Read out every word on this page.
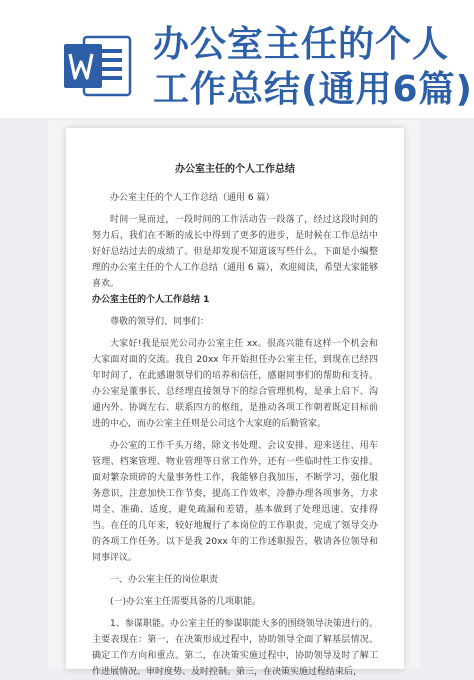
办公室主任的个人
工作总结(通用6篇)
办公室主任的个人工作总结

办公室主任的个人工作总结（通用 6 篇）

时间一晃而过，一段时间的工作活动告一段落了，经过这段时间的努力后，我们在不断的成长中得到了更多的进步，是时候在工作总结中好好总结过去的成绩了。但是却发现不知道该写些什么，下面是小编整理的办公室主任的个人工作总结（通用 6 篇），欢迎阅读，希望大家能够喜欢。

办公室主任的个人工作总结 1

尊敬的领导们、同事们：

大家好!我是辰光公司办公室主任 xx。很高兴能有这样一个机会和大家面对面的交流。我自 20xx 年开始担任办公室主任，到现在已经四年时间了，在此感谢领导们的培养和信任，感谢同事们的帮助和支持。办公室是董事长、总经理直接领导下的综合管理机构，是承上启下、沟通内外、协调左右、联系四方的枢纽，是推动各项工作朝着既定目标前进的中心，而办公室主任则是公司这个大家庭的后勤管家。

办公室的工作千头万绪，除文书处理、会议安排、迎来送往、用车管理、档案管理、物业管理等日常工作外，还有一些临时性工作安排。面对繁杂琐碎的大量事务性工作，我能够自我加压，不断学习，强化服务意识，注意加快工作节奏，提高工作效率，冷静办理各项事务，力求周全、准确、适度，避免疏漏和差错，基本做到了处理迅速、安排得当。在任的几年来，较好地履行了本岗位的工作职责，完成了领导交办的各项工作任务。以下是我 20xx 年的工作述职报告，敬请各位领导和同事评议。

一、办公室主任的岗位职责

(一)办公室主任需要具备的几项职能。

1、参谋职能。办公室主任的参谋职能大多的围绕领导决策进行的。主要表现在：第一，在决策形成过程中，协助领导全面了解基层情况、确定工作方向和重点。第二，在决策实施过程中，协助领导及时了解工作进展情况、审时度势、及时控制。第三，在决策实施过程结束后，
